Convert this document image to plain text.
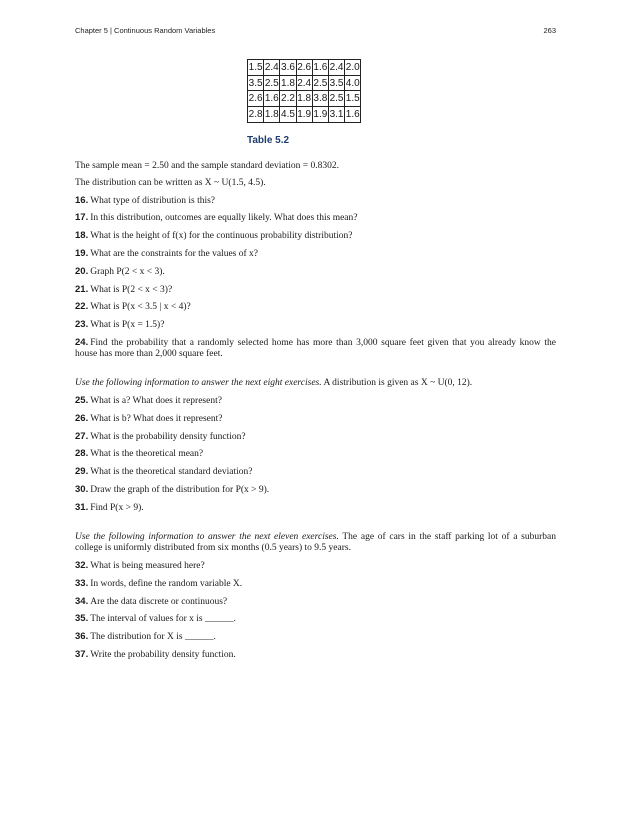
Chapter 5 | Continuous Random Variables	263
1.5	2.4	3.6	2.6	1.6	2.4	2.0
3.5	2.5	1.8	2.4	2.5	3.5	4.0
2.6	1.6	2.2	1.8	3.8	2.5	1.5
2.8	1.8	4.5	1.9	1.9	3.1	1.6
Table 5.2

The sample mean = 2.50 and the sample standard deviation = 0.8302.

The distribution can be written as X ~ U(1.5, 4.5).

16. What type of distribution is this?

17. In this distribution, outcomes are equally likely. What does this mean?

18. What is the height of f(x) for the continuous probability distribution?

19. What are the constraints for the values of x?

20. Graph P(2 < x < 3).

21. What is P(2 < x < 3)?

22. What is P(x < 3.5 | x < 4)?

23. What is P(x = 1.5)?

24. Find the probability that a randomly selected home has more than 3,000 square feet given that you already know the house has more than 2,000 square feet.

Use the following information to answer the next eight exercises. A distribution is given as X ~ U(0, 12).

25. What is a? What does it represent?

26. What is b? What does it represent?

27. What is the probability density function?

28. What is the theoretical mean?

29. What is the theoretical standard deviation?

30. Draw the graph of the distribution for P(x > 9).

31. Find P(x > 9).

Use the following information to answer the next eleven exercises. The age of cars in the staff parking lot of a suburban college is uniformly distributed from six months (0.5 years) to 9.5 years.

32. What is being measured here?

33. In words, define the random variable X.

34. Are the data discrete or continuous?

35. The interval of values for x is ______.

36. The distribution for X is ______.

37. Write the probability density function.
